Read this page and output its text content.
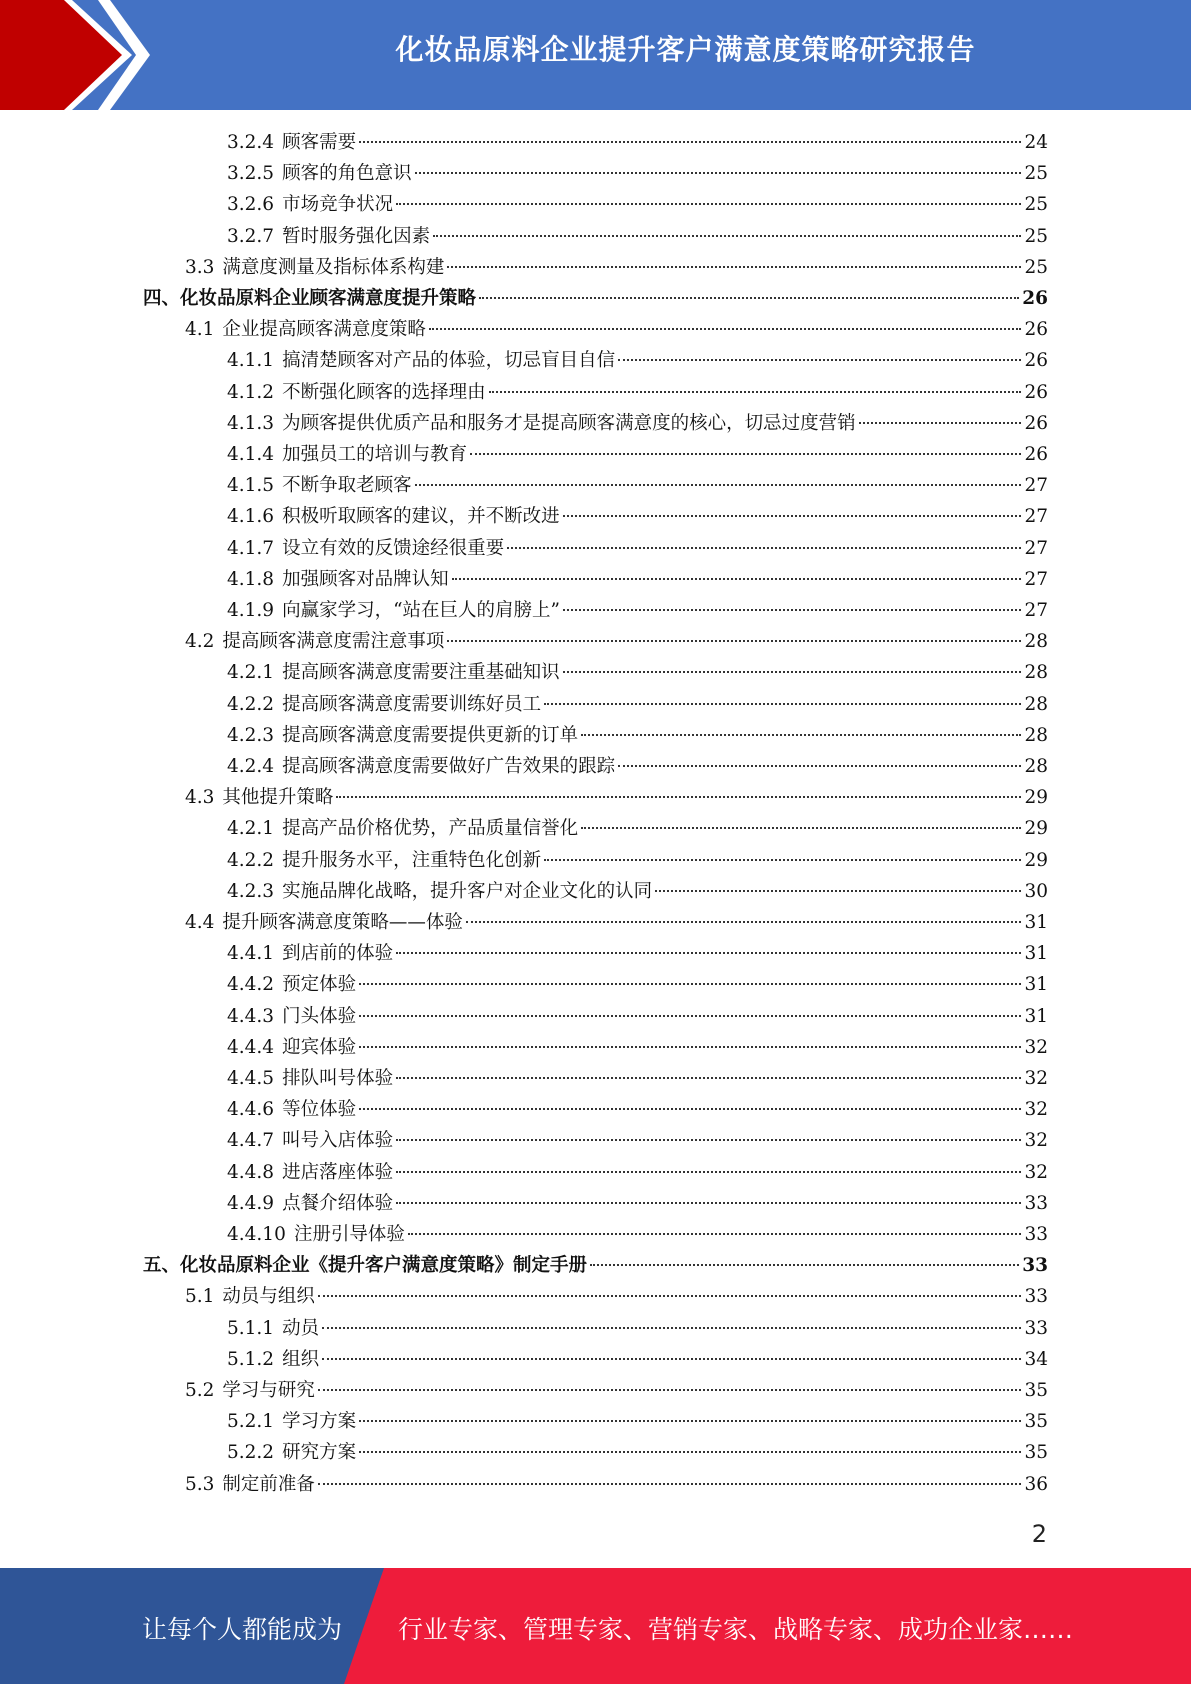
化妆品原料企业提升客户满意度策略研究报告
3.2.4 顾客需要	24
3.2.5 顾客的角色意识	25
3.2.6 市场竞争状况	25
3.2.7 暂时服务强化因素	25
3.3 满意度测量及指标体系构建	25
四、化妆品原料企业顾客满意度提升策略	26
4.1 企业提高顾客满意度策略	26
4.1.1 搞清楚顾客对产品的体验，切忌盲目自信	26
4.1.2 不断强化顾客的选择理由	26
4.1.3 为顾客提供优质产品和服务才是提高顾客满意度的核心，切忌过度营销	26
4.1.4 加强员工的培训与教育	26
4.1.5 不断争取老顾客	27
4.1.6 积极听取顾客的建议，并不断改进	27
4.1.7 设立有效的反馈途经很重要	27
4.1.8 加强顾客对品牌认知	27
4.1.9 向赢家学习，“站在巨人的肩膀上”	27
4.2 提高顾客满意度需注意事项	28
4.2.1 提高顾客满意度需要注重基础知识	28
4.2.2 提高顾客满意度需要训练好员工	28
4.2.3 提高顾客满意度需要提供更新的订单	28
4.2.4 提高顾客满意度需要做好广告效果的跟踪	28
4.3 其他提升策略	29
4.2.1 提高产品价格优势，产品质量信誉化	29
4.2.2 提升服务水平，注重特色化创新	29
4.2.3 实施品牌化战略，提升客户对企业文化的认同	30
4.4 提升顾客满意度策略——体验	31
4.4.1 到店前的体验	31
4.4.2 预定体验	31
4.4.3 门头体验	31
4.4.4 迎宾体验	32
4.4.5 排队叫号体验	32
4.4.6 等位体验	32
4.4.7 叫号入店体验	32
4.4.8 进店落座体验	32
4.4.9 点餐介绍体验	33
4.4.10 注册引导体验	33
五、化妆品原料企业《提升客户满意度策略》制定手册	33
5.1 动员与组织	33
5.1.1 动员	33
5.1.2 组织	34
5.2 学习与研究	35
5.2.1 学习方案	35
5.2.2 研究方案	35
5.3 制定前准备	36
2
让每个人都能成为 行业专家、管理专家、营销专家、战略专家、成功企业家……
